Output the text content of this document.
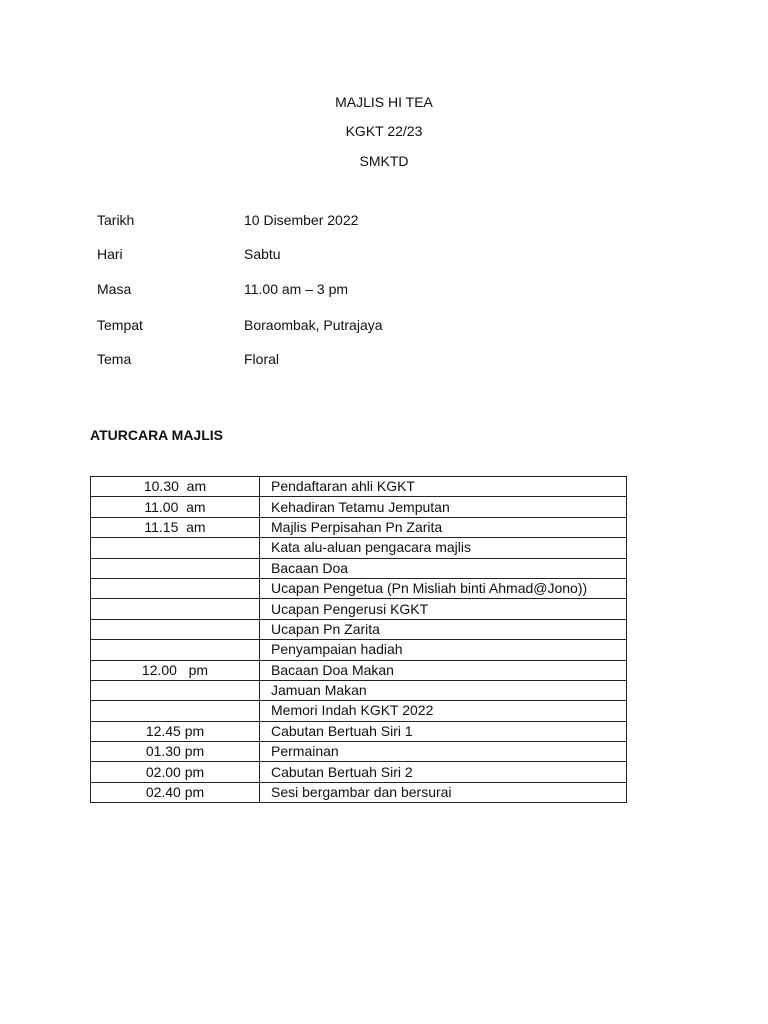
MAJLIS HI TEA
KGKT 22/23
SMKTD
Tarikh	10 Disember 2022
Hari	Sabtu
Masa	11.00 am – 3 pm
Tempat	Boraombak, Putrajaya
Tema	Floral
ATURCARA MAJLIS
10.30  am	Pendaftaran ahli KGKT
11.00  am	Kehadiran Tetamu Jemputan
11.15  am	Majlis Perpisahan Pn Zarita
	Kata alu-aluan pengacara majlis
	Bacaan Doa
	Ucapan Pengetua (Pn Misliah binti Ahmad@Jono))
	Ucapan Pengerusi KGKT
	Ucapan Pn Zarita
	Penyampaian hadiah
12.00   pm	Bacaan Doa Makan
	Jamuan Makan
	Memori Indah KGKT 2022
12.45 pm	Cabutan Bertuah Siri 1
01.30 pm	Permainan
02.00 pm	Cabutan Bertuah Siri 2
02.40 pm	Sesi bergambar dan bersurai
